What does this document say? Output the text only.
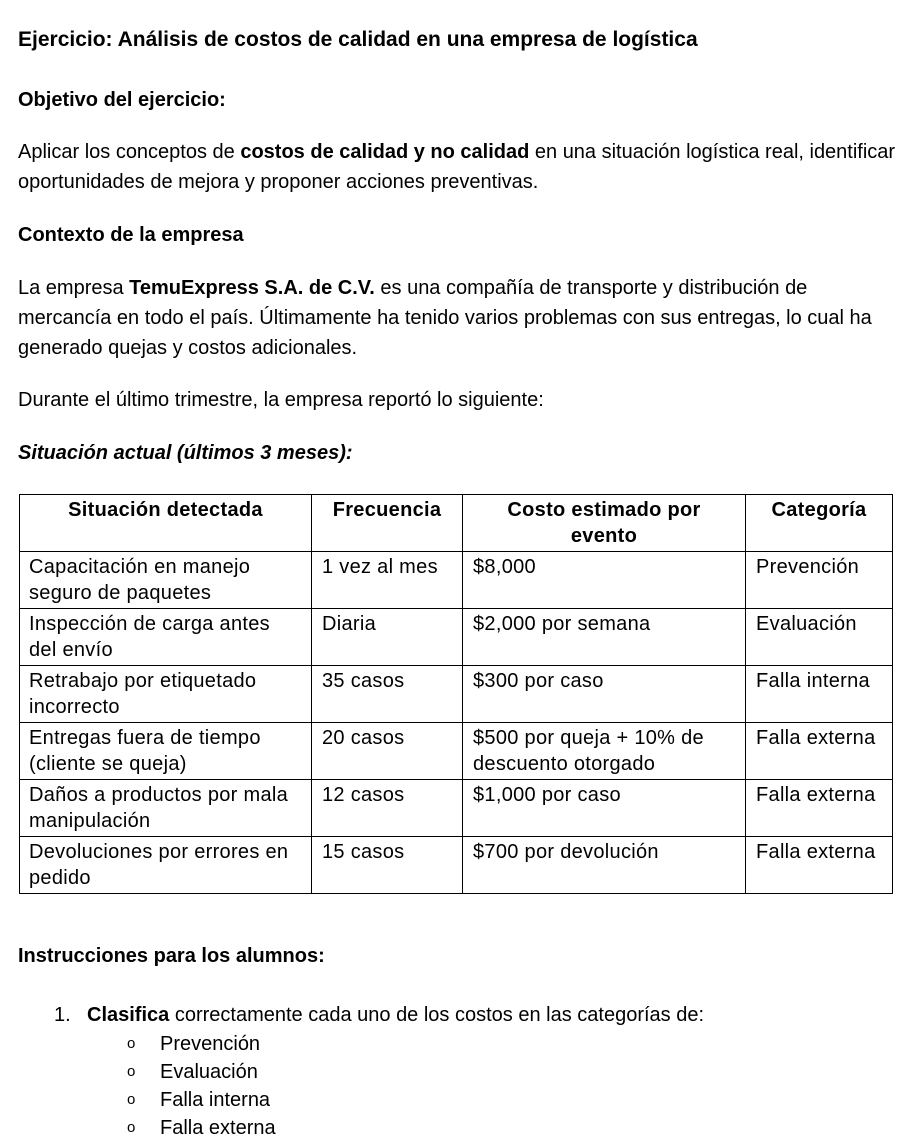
Ejercicio: Análisis de costos de calidad en una empresa de logística
Objetivo del ejercicio:

Aplicar los conceptos de costos de calidad y no calidad en una situación logística real, identificar oportunidades de mejora y proponer acciones preventivas.

Contexto de la empresa

La empresa TemuExpress S.A. de C.V. es una compañía de transporte y distribución de mercancía en todo el país. Últimamente ha tenido varios problemas con sus entregas, lo cual ha generado quejas y costos adicionales.

Durante el último trimestre, la empresa reportó lo siguiente:

Situación actual (últimos 3 meses):
Situación detectada	Frecuencia	Costo estimado por evento	Categoría
Capacitación en manejo seguro de paquetes	1 vez al mes	$8,000	Prevención
Inspección de carga antes del envío	Diaria	$2,000 por semana	Evaluación
Retrabajo por etiquetado incorrecto	35 casos	$300 por caso	Falla interna
Entregas fuera de tiempo (cliente se queja)	20 casos	$500 por queja + 10% de descuento otorgado	Falla externa
Daños a productos por mala manipulación	12 casos	$1,000 por caso	Falla externa
Devoluciones por errores en pedido	15 casos	$700 por devolución	Falla externa
Instrucciones para los alumnos:
1. Clasifica correctamente cada uno de los costos en las categorías de:
o Prevención
o Evaluación
o Falla interna
o Falla externa
